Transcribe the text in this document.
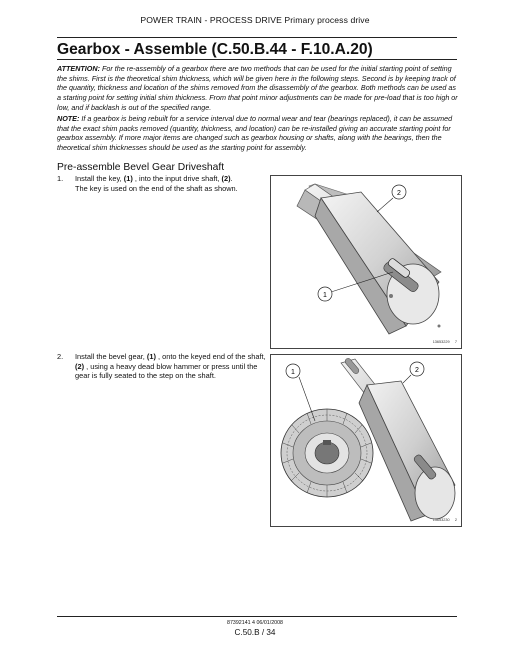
POWER TRAIN - PROCESS DRIVE Primary process drive
Gearbox - Assemble (C.50.B.44 - F.10.A.20)
ATTENTION: For the re-assembly of a gearbox there are two methods that can be used for the initial starting point of setting the shims. First is the theoretical shim thickness, which will be given here in the following steps. Second is by keeping track of the quantity, thickness and location of the shims removed from the disassembly of the gearbox. Both methods can be used as a starting point for setting initial shim thickness. From that point minor adjustments can be made for pre-load that is too high or low, and if backlash is out of the specified range.
NOTE: If a gearbox is being rebuilt for a service interval due to normal wear and tear (bearings replaced), it can be assumed that the exact shim packs removed (quantity, thickness, and location) can be re-installed giving an accurate starting point for gearbox assembly. If more major items are changed such as gearbox housing or shafts, along with the bearings, then the theoretical shim thicknesses should be used as the starting point for assembly.
Pre-assemble Bevel Gear Driveshaft
1. Install the key, (1) , into the input drive shaft, (2).
The key is used on the end of the shaft as shown.
2
1
13653229 7
2. Install the bevel gear, (1) , onto the keyed end of the shaft, (2) , using a heavy dead blow hammer or press until the gear is fully seated to the step on the shaft.	1	2
13653230 2
87392141 4 06/01/2008
C.50.B / 34
